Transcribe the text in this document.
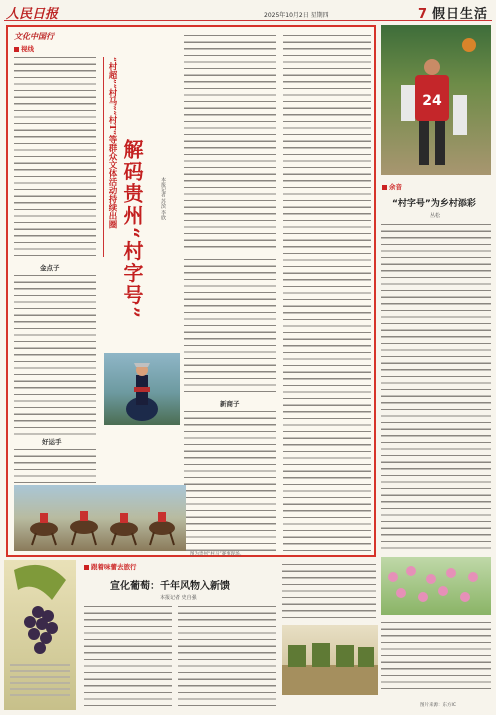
人民日报	2025年10月2日 星期四	7 假日生活
文化中国行
视线
金点子
好运手
“村超”“村马”“村T”等群众文体活动持续出圈 解码贵州“村字号”	本报记者 苏滨 李欣
新商子
图为贵州“村马”赛事现场。
24
余音
“村字号”为乡村添彩
丛松
跟着味蕾去旅行
宣化葡萄：千年风物入新馈
本报记者 史自强
图片来源：东方IC
